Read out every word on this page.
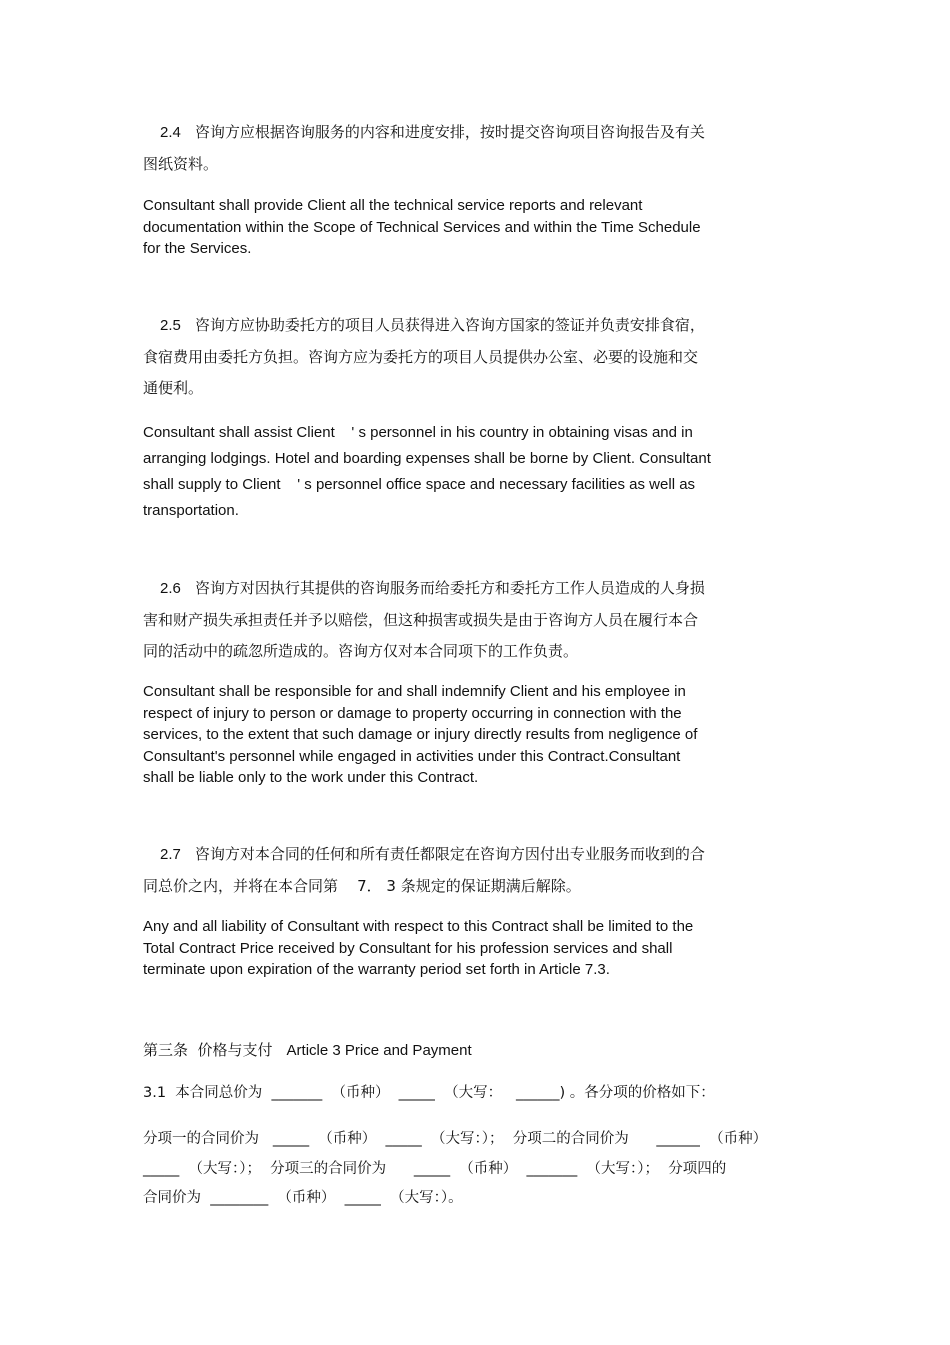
2.4 咨询方应根据咨询服务的内容和进度安排，按时提交咨询项目咨询报告及有关
图纸资料。

Consultant shall provide Client all the technical service reports and relevant
documentation within the Scope of Technical Services and within the Time Schedule
for the Services.

2.5 咨询方应协助委托方的项目人员获得进入咨询方国家的签证并负责安排食宿，
食宿费用由委托方负担。咨询方应为委托方的项目人员提供办公室、必要的设施和交
通便利。

Consultant shall assist Client    ' s personnel in his country in obtaining visas and in
arranging lodgings. Hotel and boarding expenses shall be borne by Client. Consultant
shall supply to Client    ' s personnel office space and necessary facilities as well as
transportation.

2.6 咨询方对因执行其提供的咨询服务而给委托方和委托方工作人员造成的人身损
害和财产损失承担责任并予以赔偿，但这种损害或损失是由于咨询方人员在履行本合
同的活动中的疏忽所造成的。咨询方仅对本合同项下的工作负责。

Consultant shall be responsible for and shall indemnify Client and his employee in
respect of injury to person or damage to property occurring in connection with the
services, to the extent that such damage or injury directly results from negligence of
Consultant's personnel while engaged in activities under this Contract.Consultant
shall be liable only to the work under this Contract.

2.7 咨询方对本合同的任何和所有责任都限定在咨询方因付出专业服务而收到的合
同总价之内，并将在本合同第    7． 3 条规定的保证期满后解除。

Any and all liability of Consultant with respect to this Contract shall be limited to the
Total Contract Price received by Consultant for his profession services and shall
terminate upon expiration of the warranty period set forth in Article 7.3.

第三条  价格与支付 Article 3 Price and Payment

3.1  本合同总价为  _______  （币种）  _____  （大写：   ______) 。各分项的价格如下：

分项一的合同价为   _____  （币种）  _____  （大写：）；  分项二的合同价为      ______  （币种）
_____  （大写：）；  分项三的合同价为      _____  （币种）  _______  （大写：）；  分项四的
合同价为  ________  （币种）  _____  （大写：）。
